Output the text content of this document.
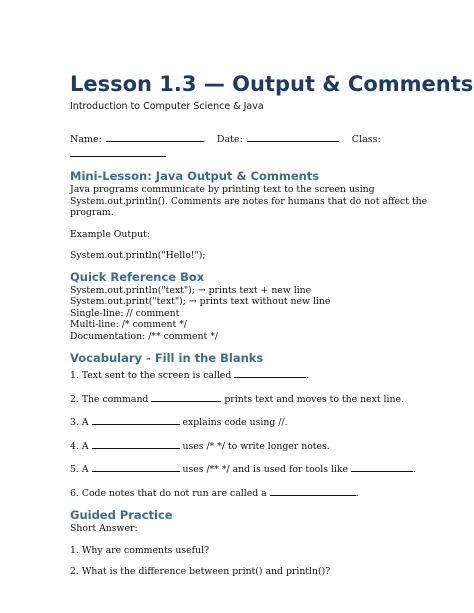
Lesson 1.3 — Output & Comments
Introduction to Computer Science & Java
Name:	Date:	Class:
Mini-Lesson: Java Output & Comments

Java programs communicate by printing text to the screen using System.out.println(). Comments are notes for humans that do not affect the program.

Example Output:

System.out.println("Hello!");

Quick Reference Box

System.out.println("text"); → prints text + new line

System.out.print("text"); → prints text without new line

Single-line: // comment

Multi-line: /* comment */

Documentation: /** comment */

Vocabulary - Fill in the Blanks
1. Text sent to the screen is called	.
2. The command	prints text and moves to the next line.
3. A	explains code using //.
4. A	uses /* */ to write longer notes.
5. A	uses /** */ and is used for tools like	.
6. Code notes that do not run are called a	.
Guided Practice

Short Answer:

1. Why are comments useful?
2. What is the difference between print() and println()?
